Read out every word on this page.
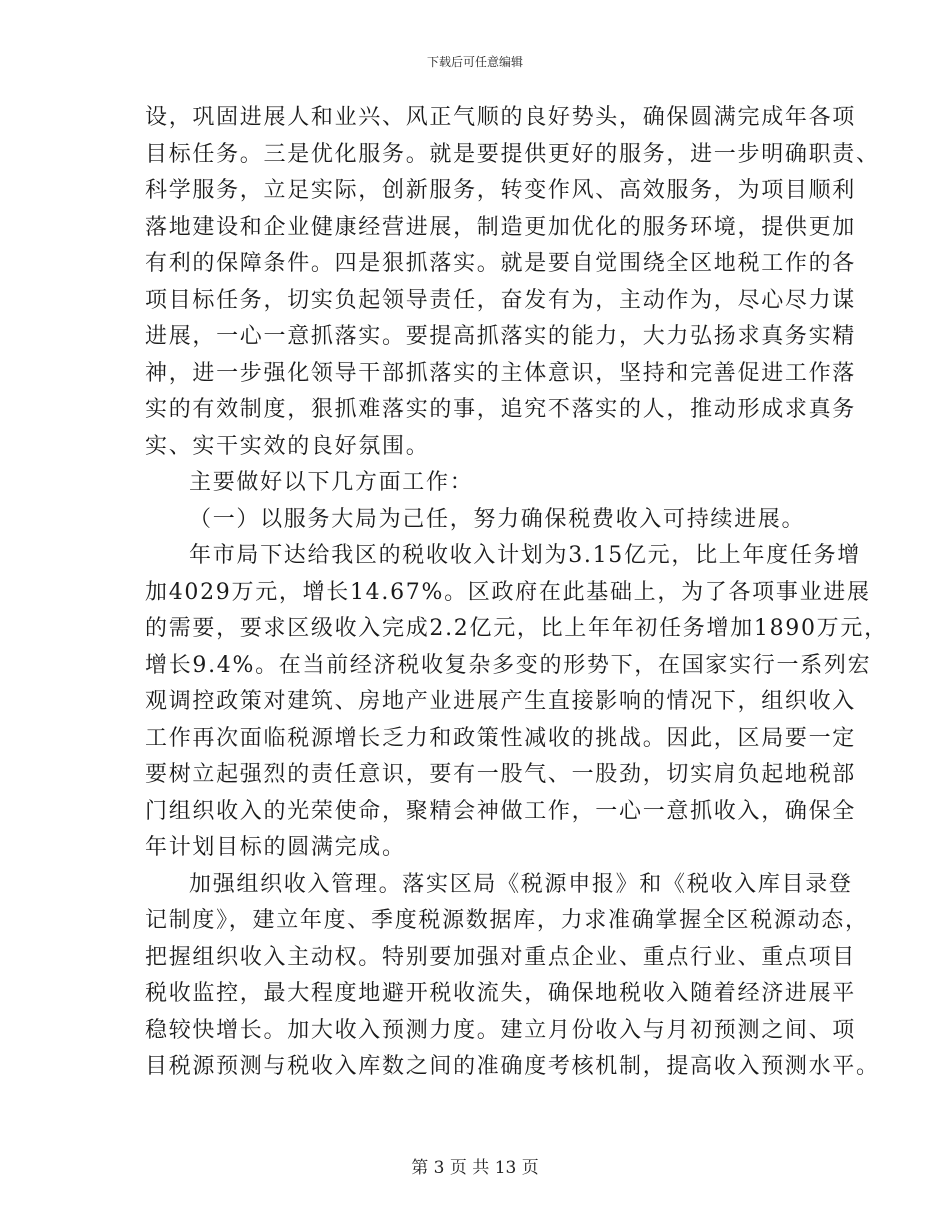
下载后可任意编辑
设，巩固进展人和业兴、风正气顺的良好势头，确保圆满完成年各项
目标任务。三是优化服务。就是要提供更好的服务，进一步明确职责、
科学服务，立足实际，创新服务，转变作风、高效服务，为项目顺利
落地建设和企业健康经营进展，制造更加优化的服务环境，提供更加
有利的保障条件。四是狠抓落实。就是要自觉围绕全区地税工作的各
项目标任务，切实负起领导责任，奋发有为，主动作为，尽心尽力谋
进展，一心一意抓落实。要提高抓落实的能力，大力弘扬求真务实精
神，进一步强化领导干部抓落实的主体意识，坚持和完善促进工作落
实的有效制度，狠抓难落实的事，追究不落实的人，推动形成求真务
实、实干实效的良好氛围。
主要做好以下几方面工作：
（一）以服务大局为己任，努力确保税费收入可持续进展。
年市局下达给我区的税收收入计划为3.15亿元，比上年度任务增
加4029万元，增长14.67%。区政府在此基础上，为了各项事业进展
的需要，要求区级收入完成2.2亿元，比上年年初任务增加1890万元，
增长9.4%。在当前经济税收复杂多变的形势下，在国家实行一系列宏
观调控政策对建筑、房地产业进展产生直接影响的情况下，组织收入
工作再次面临税源增长乏力和政策性减收的挑战。因此，区局要一定
要树立起强烈的责任意识，要有一股气、一股劲，切实肩负起地税部
门组织收入的光荣使命，聚精会神做工作，一心一意抓收入，确保全
年计划目标的圆满完成。
加强组织收入管理。落实区局《税源申报》和《税收入库目录登
记制度》，建立年度、季度税源数据库，力求准确掌握全区税源动态，
把握组织收入主动权。特别要加强对重点企业、重点行业、重点项目
税收监控，最大程度地避开税收流失，确保地税收入随着经济进展平
稳较快增长。加大收入预测力度。建立月份收入与月初预测之间、项
目税源预测与税收入库数之间的准确度考核机制，提高收入预测水平。
第 3 页 共 13 页
